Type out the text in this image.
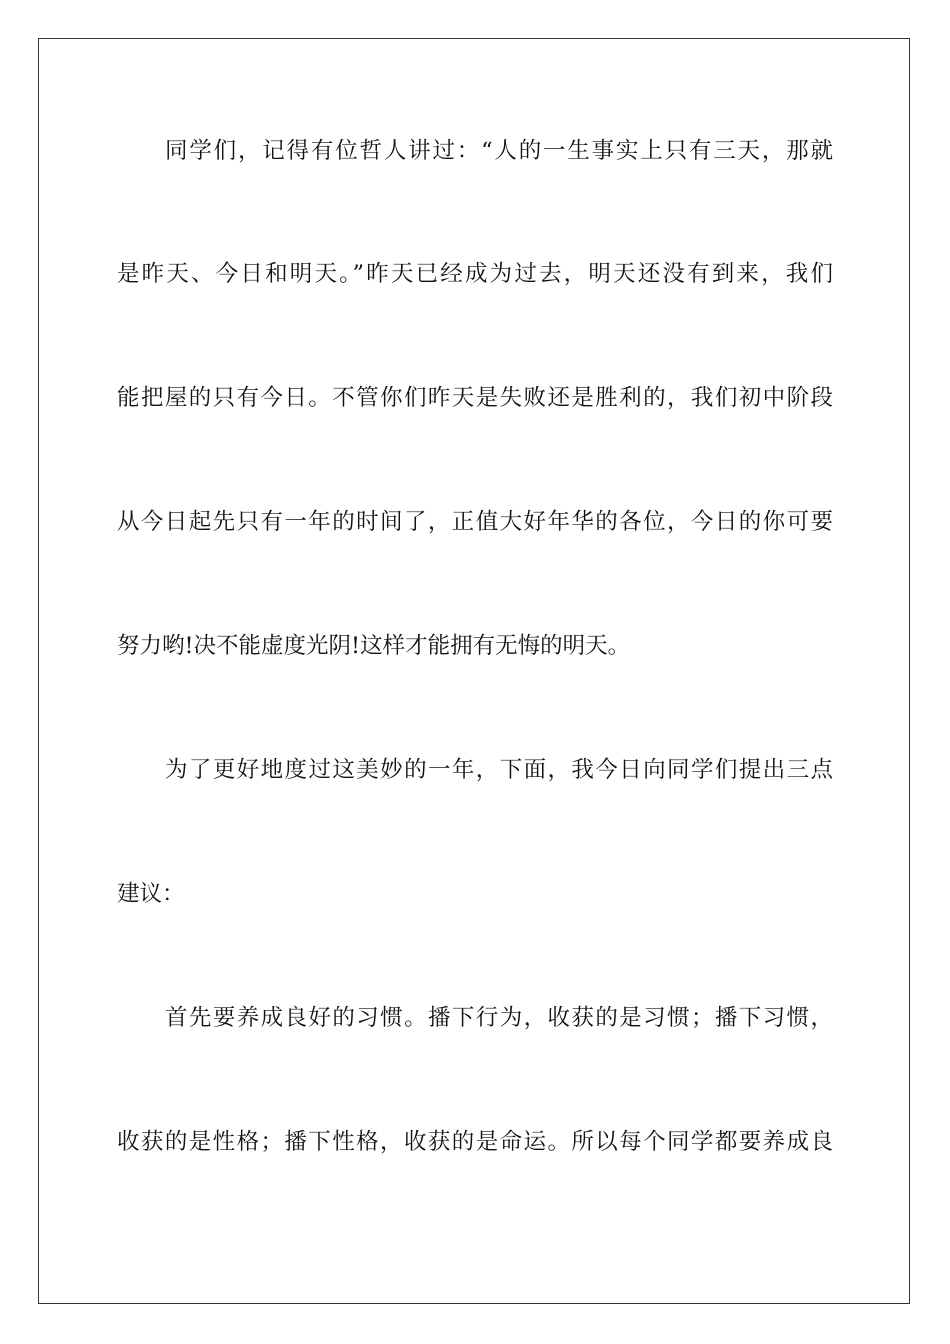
同学们，记得有位哲人讲过：“人的一生事实上只有三天，那就
是昨天、今日和明天。”昨天已经成为过去，明天还没有到来，我们
能把屋的只有今日。不管你们昨天是失败还是胜利的，我们初中阶段
从今日起先只有一年的时间了，正值大好年华的各位，今日的你可要
努力哟!决不能虚度光阴!这样才能拥有无悔的明天。
为了更好地度过这美妙的一年，下面，我今日向同学们提出三点
建议：
首先要养成良好的习惯。播下行为，收获的是习惯；播下习惯，
收获的是性格；播下性格，收获的是命运。所以每个同学都要养成良
